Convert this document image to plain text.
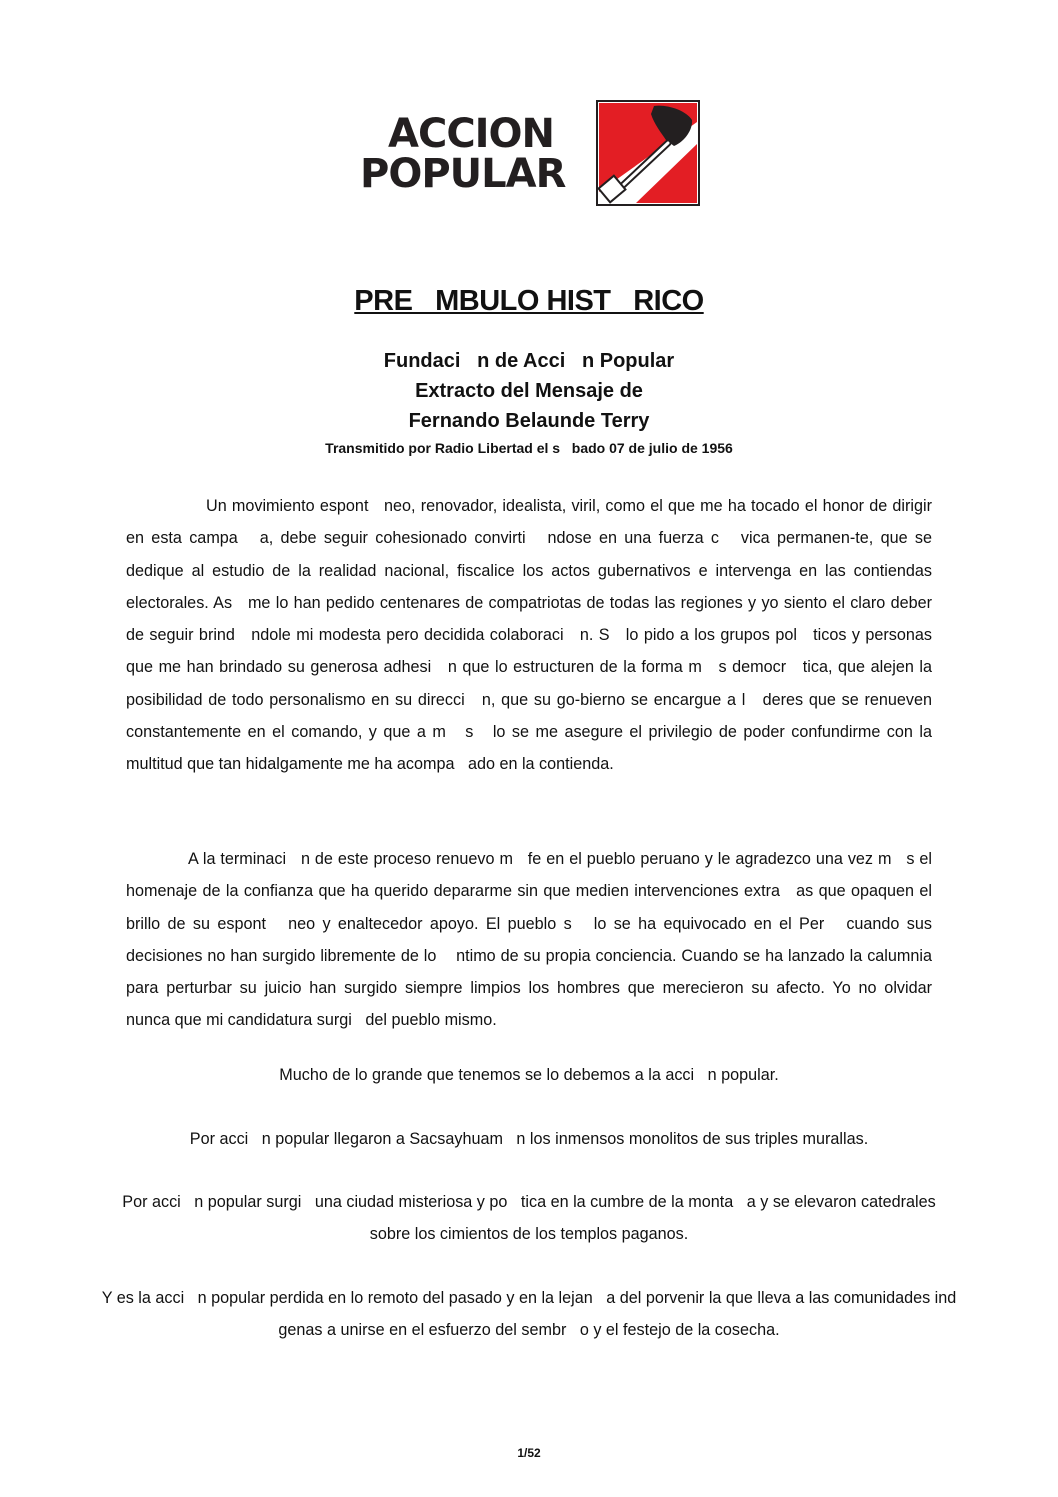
ACCION
POPULAR
PRE   MBULO HIST   RICO
Fundaci   n de Acci   n Popular
Extracto del Mensaje de
Fernando Belaunde Terry
Transmitido por Radio Libertad el s   bado 07 de julio de 1956

Un movimiento espont   neo, renovador, idealista, viril, como el que me ha tocado el honor de dirigir en esta campa   a, debe seguir cohesionado convirti   ndose en una fuerza c   vica permanen-te, que se dedique al estudio de la realidad nacional, fiscalice los actos gubernativos e intervenga en las contiendas electorales. As   me lo han pedido centenares de compatriotas de todas las regiones y yo siento el claro deber de seguir brind   ndole mi modesta pero decidida colaboraci   n. S   lo pido a los grupos pol   ticos y personas que me han brindado su generosa adhesi   n que lo estructuren de la forma m   s democr   tica, que alejen la posibilidad de todo personalismo en su direcci   n, que su go-bierno se encargue a l   deres que se renueven constantemente en el comando, y que a m   s   lo se me asegure el privilegio de poder confundirme con la multitud que tan hidalgamente me ha acompa   ado en la contienda.

A la terminaci   n de este proceso renuevo m   fe en el pueblo peruano y le agradezco una vez m   s el homenaje de la confianza que ha querido depararme sin que medien intervenciones extra   as que opaquen el brillo de su espont   neo y enaltecedor apoyo. El pueblo s   lo se ha equivocado en el Per   cuando sus decisiones no han surgido libremente de lo    ntimo de su propia conciencia. Cuando se ha lanzado la calumnia para perturbar su juicio han surgido siempre limpios los hombres que merecieron su afecto. Yo no olvidar   nunca que mi candidatura surgi   del pueblo mismo.

Mucho de lo grande que tenemos se lo debemos a la acci   n popular.

Por acci   n popular llegaron a Sacsayhuam   n los inmensos monolitos de sus triples murallas.

Por acci   n popular surgi   una ciudad misteriosa y po   tica en la cumbre de la monta   a y se elevaron catedrales sobre los cimientos de los templos paganos.

Y es la acci   n popular perdida en lo remoto del pasado y en la lejan   a del porvenir la que lleva a las comunidades ind   genas a unirse en el esfuerzo del sembr   o y el festejo de la cosecha.

1/52
